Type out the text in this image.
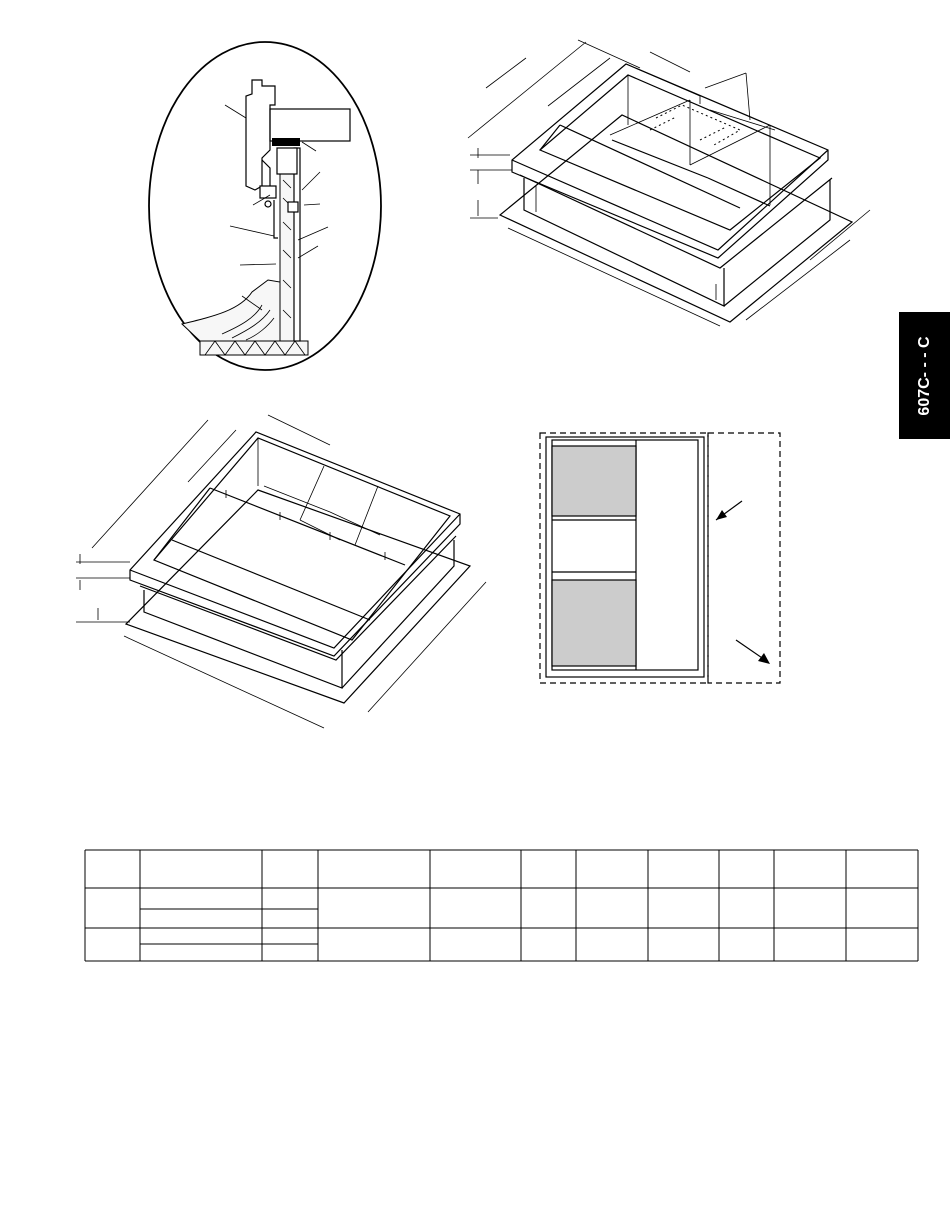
607C- - - C
